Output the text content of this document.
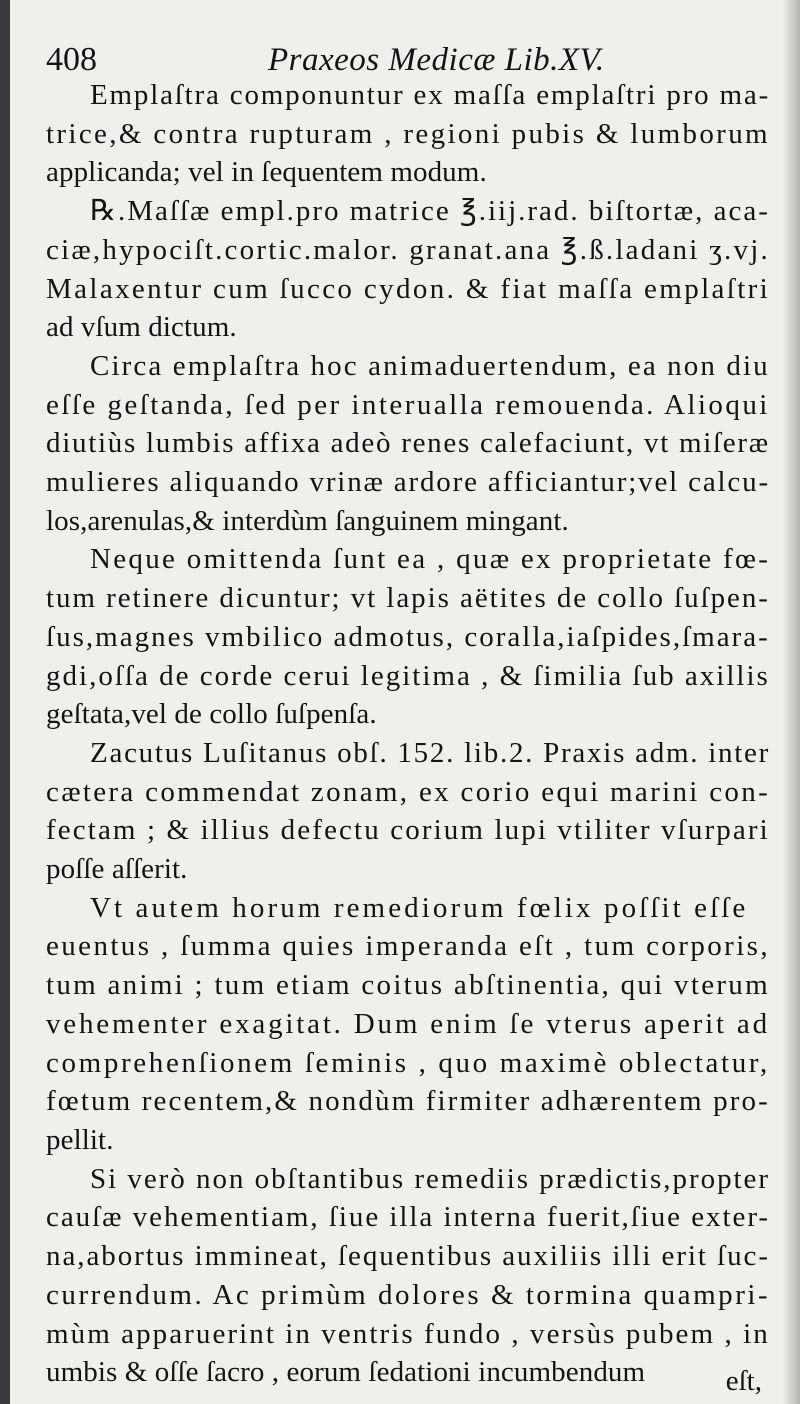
408	Praxeos Medicæ Lib.XV.

Emplaſtra componuntur ex maſſa emplaſtri pro ma-
trice,& contra rupturam , regioni pubis & lumborum
applicanda; vel in ſequentem modum.

℞.Maſſæ empl.pro matrice ℥.iij.rad. biſtortæ, aca-
ciæ,hypociſt.cortic.malor. granat.ana ℥.ß.ladani ʒ.vj.
Malaxentur cum ſucco cydon. & fiat maſſa emplaſtri
ad vſum dictum.

Circa emplaſtra hoc animaduertendum, ea non diu
eſſe geſtanda, ſed per interualla remouenda. Alioqui
diutiùs lumbis affixa adeò renes calefaciunt, vt miſeræ
mulieres aliquando vrinæ ardore afficiantur;vel calcu-
los,arenulas,& interdùm ſanguinem mingant.

Neque omittenda ſunt ea , quæ ex proprietate fœ-
tum retinere dicuntur; vt lapis aëtites de collo ſuſpen-
ſus,magnes vmbilico admotus, coralla,iaſpides,ſmara-
gdi,oſſa de corde cerui legitima , & ſimilia ſub axillis
geſtata,vel de collo ſuſpenſa.

Zacutus Luſitanus obſ. 152. lib.2. Praxis adm. inter
cætera commendat zonam, ex corio equi marini con-
fectam ; & illius defectu corium lupi vtiliter vſurpari
poſſe aſſerit.

Vt autem horum remediorum fœlix poſſit eſſe
euentus , ſumma quies imperanda eſt , tum corporis,
tum animi ; tum etiam coitus abſtinentia, qui vterum
vehementer exagitat. Dum enim ſe vterus aperit ad
comprehenſionem ſeminis , quo maximè oblectatur,
fœtum recentem,& nondùm firmiter adhærentem pro-
pellit.

Si verò non obſtantibus remediis prædictis,propter
cauſæ vehementiam, ſiue illa interna fuerit,ſiue exter-
na,abortus immineat, ſequentibus auxiliis illi erit ſuc-
currendum. Ac primùm dolores & tormina quampri-
mùm apparuerint in ventris fundo , versùs pubem , in
umbis & oſſe ſacro , eorum ſedationi incumbendum	eſt,
